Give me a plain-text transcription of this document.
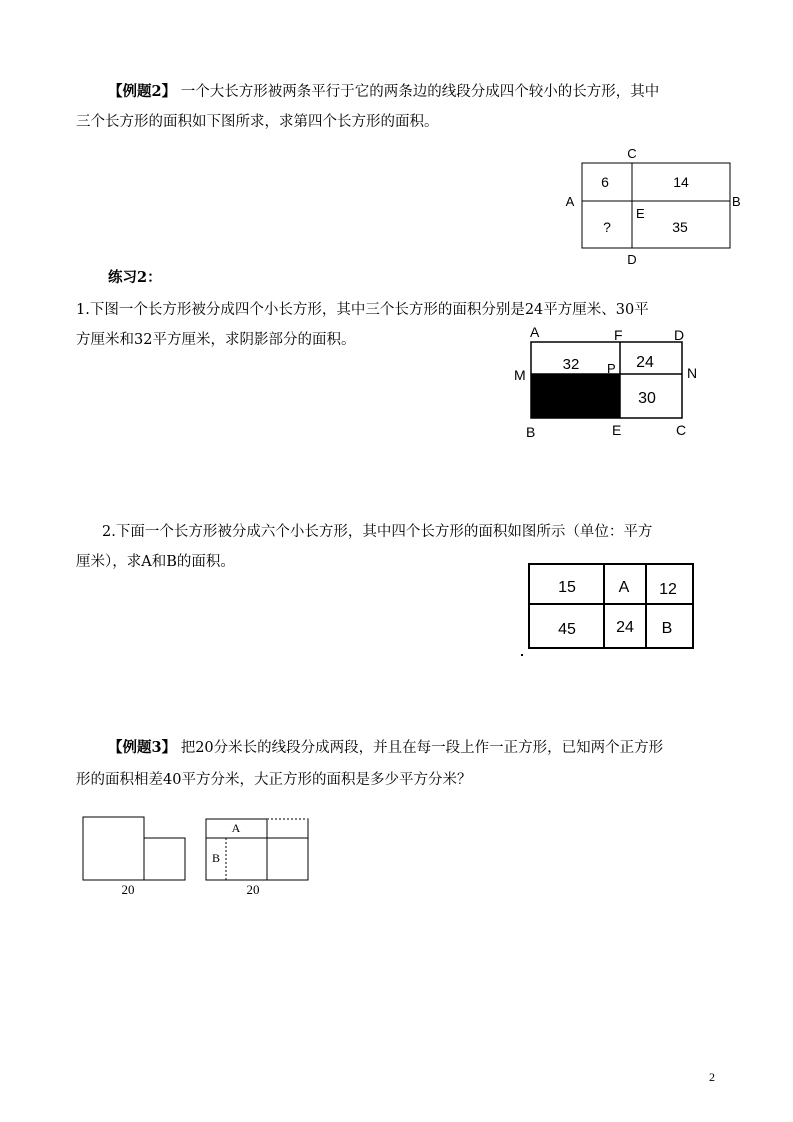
【例题2】 一个大长方形被两条平行于它的两条边的线段分成四个较小的长方形，其中
三个长方形的面积如下图所求，求第四个长方形的面积。
C
A	B
D
E
6	14
?	35
练习2：
1.下图一个长方形被分成四个小长方形，其中三个长方形的面积分别是24平方厘米、30平
方厘米和32平方厘米，求阴影部分的面积。	A	F	D
M	P	N
B	E	C
32	24
30
2.下面一个长方形被分成六个小长方形，其中四个长方形的面积如图所示（单位：平方
厘米），求A和B的面积。
15	A 12
45	24 B
【例题3】 把20分米长的线段分成两段，并且在每一段上作一正方形，已知两个正方形
形的面积相差40平方分米，大正方形的面积是多少平方分米？
20
A
B
20
2
